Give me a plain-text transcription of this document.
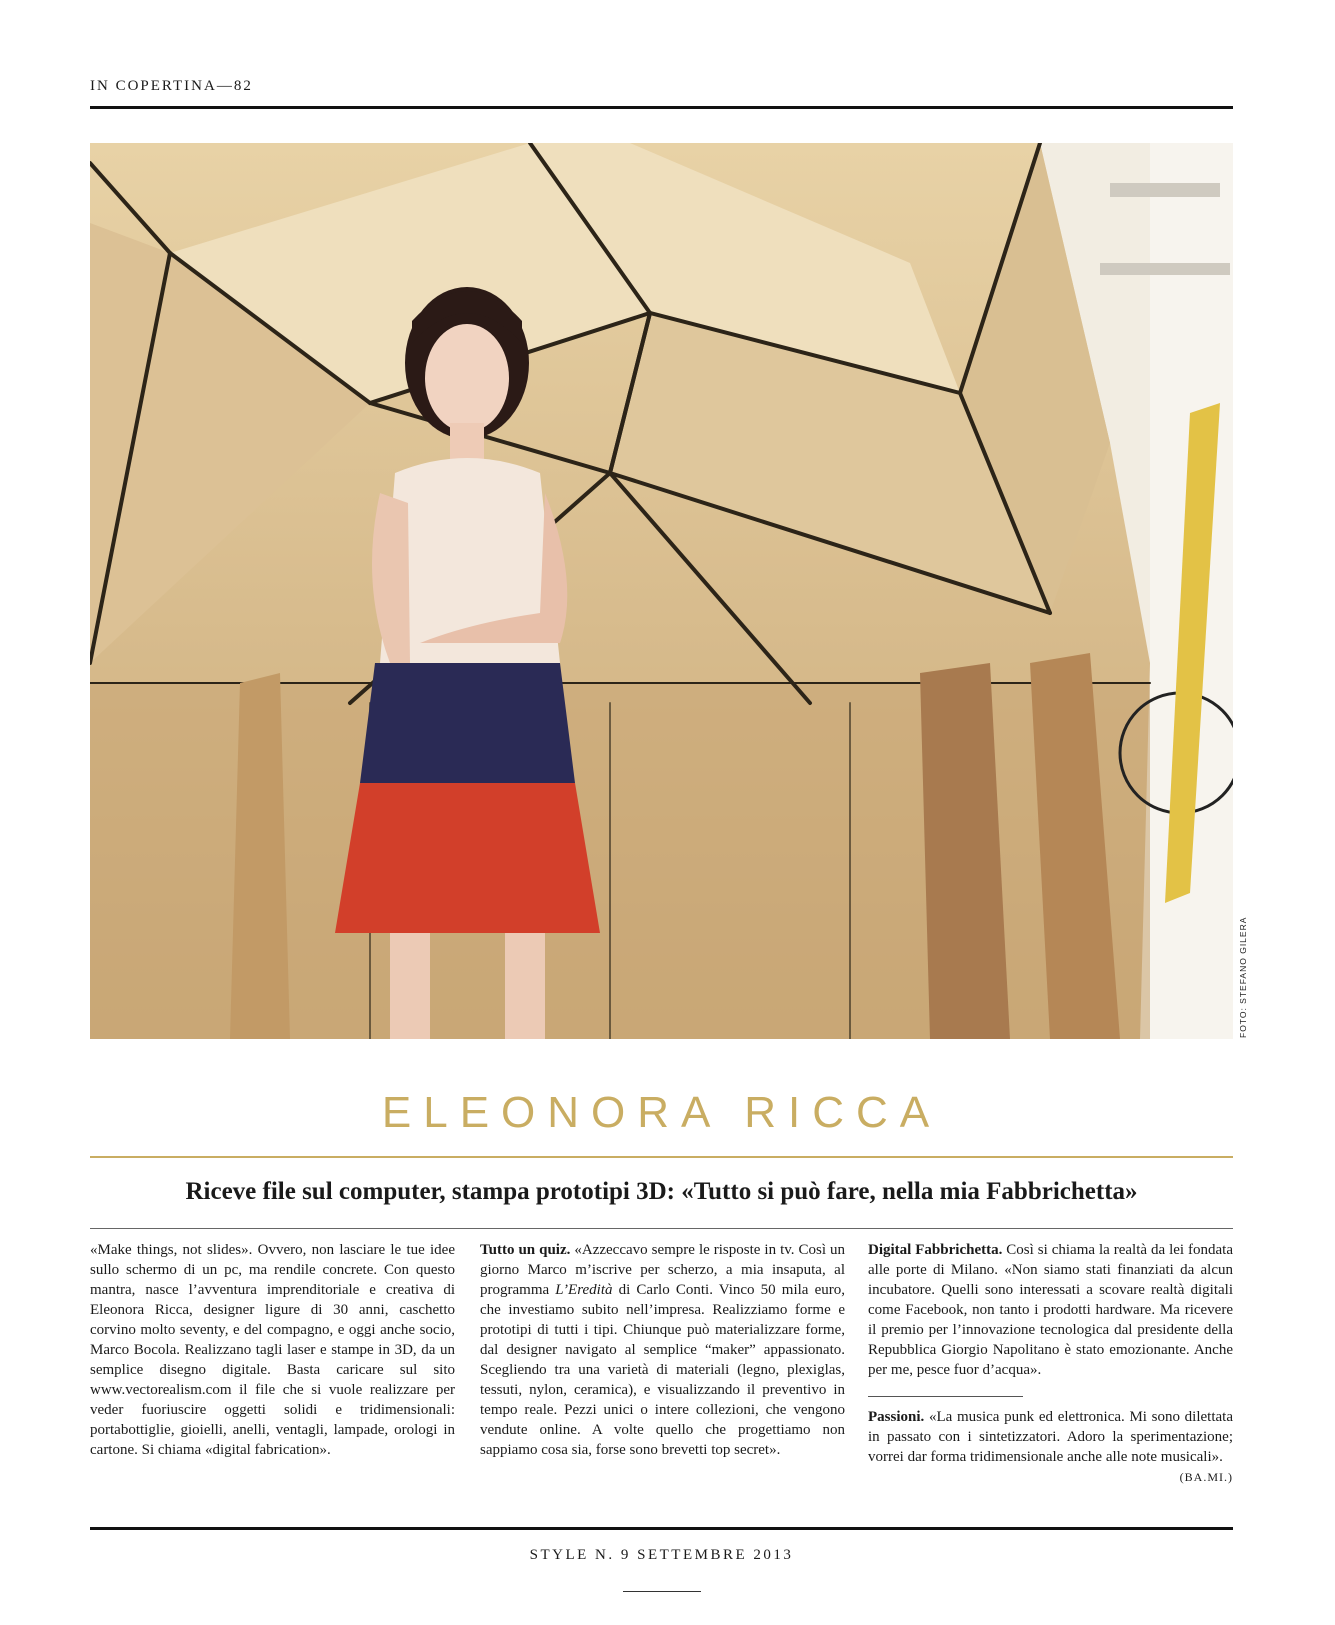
IN COPERTINA—82
FOTO: STEFANO GILERA
ELEONORA RICCA
Riceve file sul computer, stampa prototipi 3D: «Tutto si può fare, nella mia Fabbrichetta»

«Make things, not slides». Ovvero, non lasciare le tue idee sullo schermo di un pc, ma rendile concrete. Con questo mantra, nasce l’avventura imprenditoriale e creativa di Eleonora Ricca, designer ligure di 30 anni, caschetto corvino molto seventy, e del compagno, e oggi anche socio, Marco Bocola. Realizzano tagli laser e stampe in 3D, da un semplice disegno digitale. Basta caricare sul sito www.vectorealism.com il file che si vuole realizzare per veder fuoriuscire oggetti solidi e tridimensionali: portabottiglie, gioielli, anelli, ventagli, lampade, orologi in cartone. Si chiama «digital fabrication».

Tutto un quiz. «Azzeccavo sempre le risposte in tv. Così un giorno Marco m’iscrive per scherzo, a mia insaputa, al programma L’Eredità di Carlo Conti. Vinco 50 mila euro, che investiamo subito nell’impresa. Realizziamo forme e prototipi di tutti i tipi. Chiunque può materializzare forme, dal designer navigato al semplice “maker” appassionato. Scegliendo tra una varietà di materiali (legno, plexiglas, tessuti, nylon, ceramica), e visualizzando il preventivo in tempo reale. Pezzi unici o intere collezioni, che vengono vendute online. A volte quello che progettiamo non sappiamo cosa sia, forse sono brevetti top secret».

Digital Fabbrichetta. Così si chiama la realtà da lei fondata alle porte di Milano. «Non siamo stati finanziati da alcun incubatore. Quelli sono interessati a scovare realtà digitali come Facebook, non tanto i prodotti hardware. Ma ricevere il premio per l’innovazione tecnologica dal presidente della Repubblica Giorgio Napolitano è stato emozionante. Anche per me, pesce fuor d’acqua».

Passioni. «La musica punk ed elettronica. Mi sono dilettata in passato con i sintetizzatori. Adoro la sperimentazione; vorrei dar forma tridimensionale anche alle note musicali».
(BA.MI.)

STYLE N. 9 SETTEMBRE 2013
